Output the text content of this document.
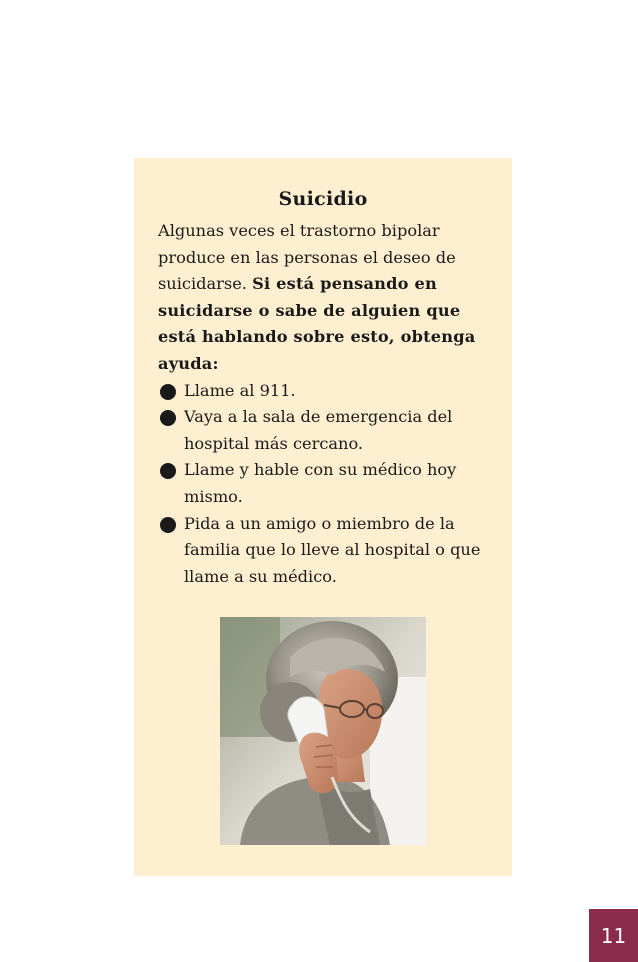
Suicidio

Algunas veces el trastorno bipolar produce en las personas el deseo de suicidarse. Si está pensando en suicidarse o sabe de alguien que está hablando sobre esto, obtenga ayuda:

Llame al 911.
Vaya a la sala de emergencia del hospital más cercano.
Llame y hable con su médico hoy mismo.
Pida a un amigo o miembro de la familia que lo lleve al hospital o que llame a su médico.
11
